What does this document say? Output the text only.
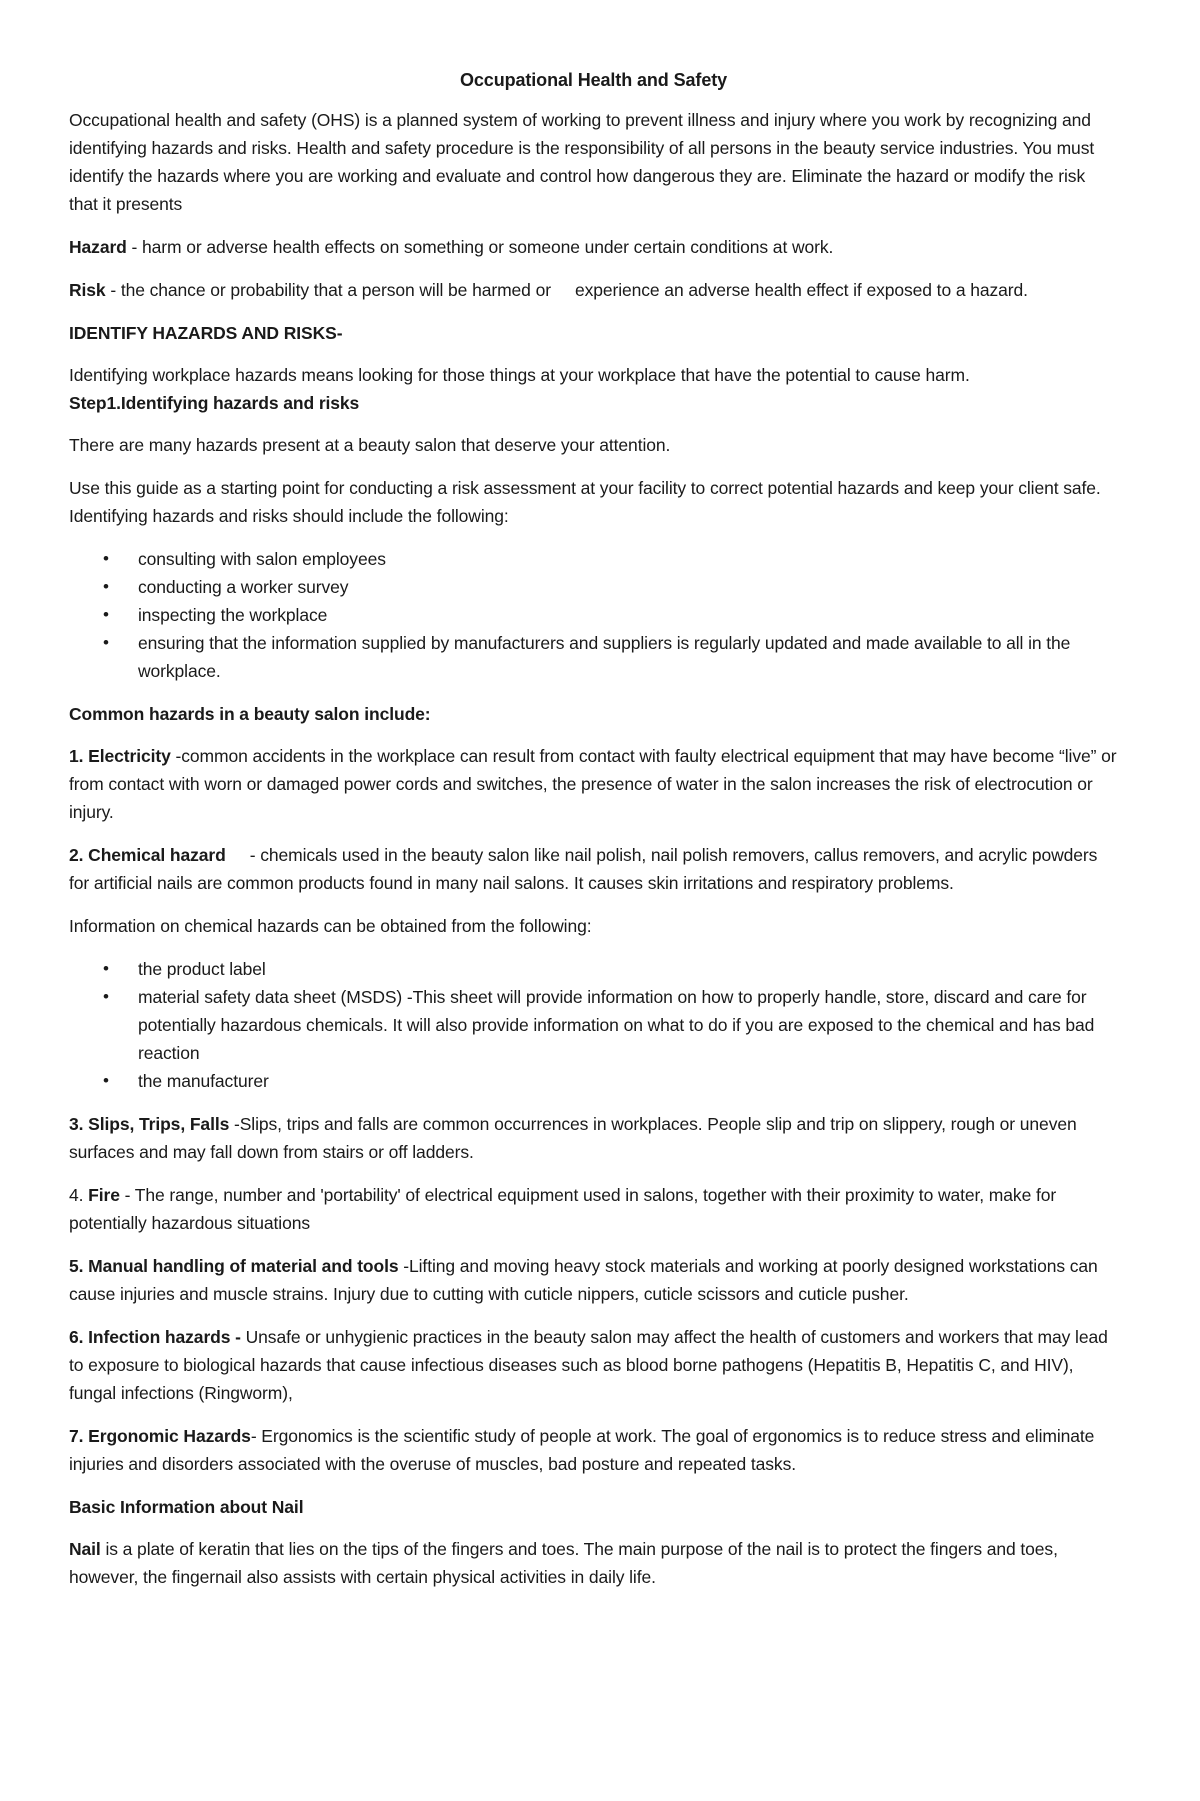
Occupational Health and Safety

Occupational health and safety (OHS) is a planned system of working to prevent illness and injury where you work by recognizing and identifying hazards and risks. Health and safety procedure is the responsibility of all persons in the beauty service industries. You must identify the hazards where you are working and evaluate and control how dangerous they are. Eliminate the hazard or modify the risk that it presents

Hazard - harm or adverse health effects on something or someone under certain conditions at work.

Risk - the chance or probability that a person will be harmed or experience an adverse health effect if exposed to a hazard.

IDENTIFY HAZARDS AND RISKS-

Identifying workplace hazards means looking for those things at your workplace that have the potential to cause harm.

Step1.Identifying hazards and risks

There are many hazards present at a beauty salon that deserve your attention.

Use this guide as a starting point for conducting a risk assessment at your facility to correct potential hazards and keep your client safe. Identifying hazards and risks should include the following:

• consulting with salon employees
• conducting a worker survey
• inspecting the workplace
• ensuring that the information supplied by manufacturers and suppliers is regularly updated and made available to all in the workplace.

Common hazards in a beauty salon include:

1. Electricity -common accidents in the workplace can result from contact with faulty electrical equipment that may have become “live” or from contact with worn or damaged power cords and switches, the presence of water in the salon increases the risk of electrocution or injury.

2. Chemical hazard - chemicals used in the beauty salon like nail polish, nail polish removers, callus removers, and acrylic powders for artificial nails are common products found in many nail salons. It causes skin irritations and respiratory problems.

Information on chemical hazards can be obtained from the following:

• the product label
• material safety data sheet (MSDS) -This sheet will provide information on how to properly handle, store, discard and care for potentially hazardous chemicals. It will also provide information on what to do if you are exposed to the chemical and has bad reaction
• the manufacturer

3. Slips, Trips, Falls -Slips, trips and falls are common occurrences in workplaces. People slip and trip on slippery, rough or uneven surfaces and may fall down from stairs or off ladders.

4. Fire - The range, number and 'portability' of electrical equipment used in salons, together with their proximity to water, make for potentially hazardous situations

5. Manual handling of material and tools -Lifting and moving heavy stock materials and working at poorly designed workstations can cause injuries and muscle strains. Injury due to cutting with cuticle nippers, cuticle scissors and cuticle pusher.

6. Infection hazards - Unsafe or unhygienic practices in the beauty salon may affect the health of customers and workers that may lead to exposure to biological hazards that cause infectious diseases such as blood borne pathogens (Hepatitis B, Hepatitis C, and HIV), fungal infections (Ringworm),

7. Ergonomic Hazards- Ergonomics is the scientific study of people at work. The goal of ergonomics is to reduce stress and eliminate injuries and disorders associated with the overuse of muscles, bad posture and repeated tasks.

Basic Information about Nail

Nail is a plate of keratin that lies on the tips of the fingers and toes. The main purpose of the nail is to protect the fingers and toes, however, the fingernail also assists with certain physical activities in daily life.
